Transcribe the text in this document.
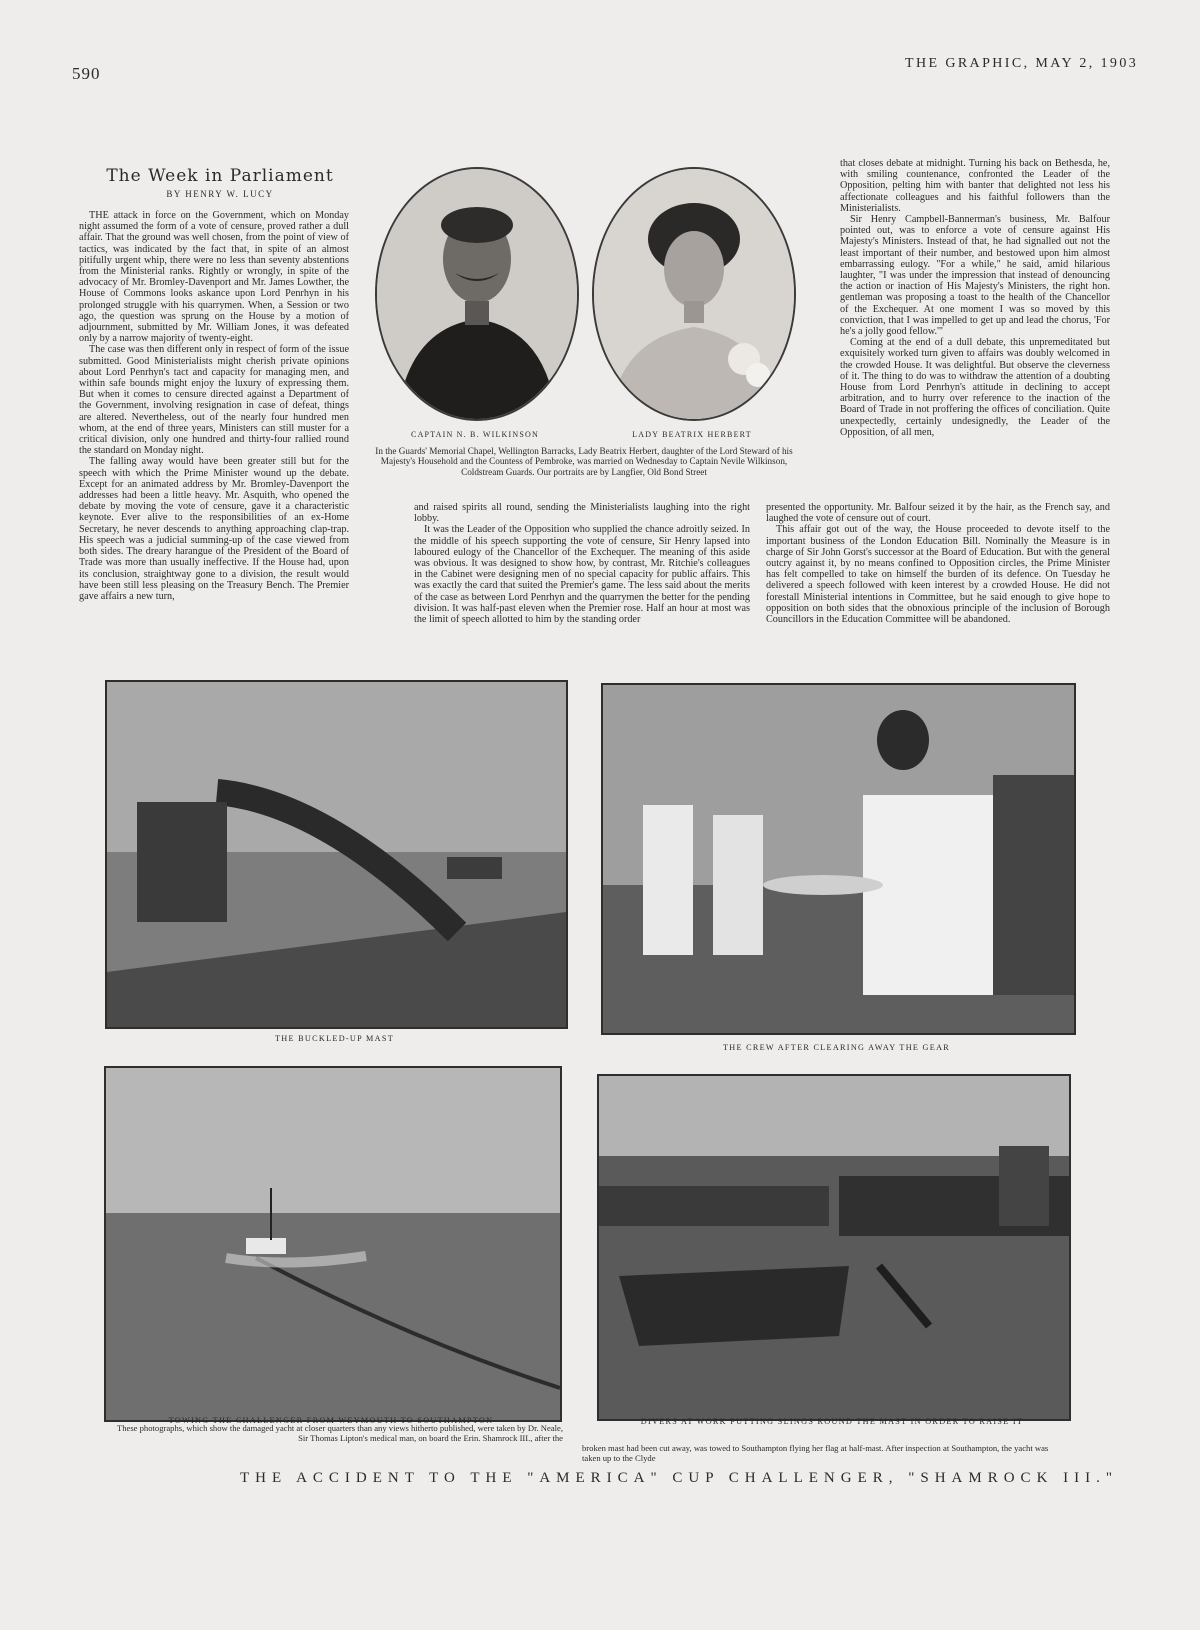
590
THE GRAPHIC, MAY 2, 1903
The Week in Parliament
BY HENRY W. LUCY

THE attack in force on the Government, which on Monday night assumed the form of a vote of censure, proved rather a dull affair. That the ground was well chosen, from the point of view of tactics, was indicated by the fact that, in spite of an almost pitifully urgent whip, there were no less than seventy abstentions from the Ministerial ranks. Rightly or wrongly, in spite of the advocacy of Mr. Bromley-Davenport and Mr. James Lowther, the House of Commons looks askance upon Lord Penrhyn in his prolonged struggle with his quarrymen. When, a Session or two ago, the question was sprung on the House by a motion of adjournment, submitted by Mr. William Jones, it was defeated only by a narrow majority of twenty-eight.

The case was then different only in respect of form of the issue submitted. Good Ministerialists might cherish private opinions about Lord Penrhyn's tact and capacity for managing men, and within safe bounds might enjoy the luxury of expressing them. But when it comes to censure directed against a Department of the Government, involving resignation in case of defeat, things are altered. Nevertheless, out of the nearly four hundred men whom, at the end of three years, Ministers can still muster for a critical division, only one hundred and thirty-four rallied round the standard on Monday night.

The falling away would have been greater still but for the speech with which the Prime Minister wound up the debate. Except for an animated address by Mr. Bromley-Davenport the addresses had been a little heavy. Mr. Asquith, who opened the debate by moving the vote of censure, gave it a characteristic keynote. Ever alive to the responsibilities of an ex-Home Secretary, he never descends to anything approaching clap-trap. His speech was a judicial summing-up of the case viewed from both sides. The dreary harangue of the President of the Board of Trade was more than usually ineffective. If the House had, upon its conclusion, straightway gone to a division, the result would have been still less pleasing on the Treasury Bench. The Premier gave affairs a new turn,

CAPTAIN N. B. WILKINSON	LADY BEATRIX HERBERT
In the Guards' Memorial Chapel, Wellington Barracks, Lady Beatrix Herbert, daughter of the Lord Steward of his Majesty's Household and the Countess of Pembroke, was married on Wednesday to Captain Nevile Wilkinson, Coldstream Guards. Our portraits are by Langfier, Old Bond Street

and raised spirits all round, sending the Ministerialists laughing into the right lobby.

It was the Leader of the Opposition who supplied the chance adroitly seized. In the middle of his speech supporting the vote of censure, Sir Henry lapsed into laboured eulogy of the Chancellor of the Exchequer. The meaning of this aside was obvious. It was designed to show how, by contrast, Mr. Ritchie's colleagues in the Cabinet were designing men of no special capacity for public affairs. This was exactly the card that suited the Premier's game. The less said about the merits of the case as between Lord Penrhyn and the quarrymen the better for the pending division. It was half-past eleven when the Premier rose. Half an hour at most was the limit of speech allotted to him by the standing order

that closes debate at midnight. Turning his back on Bethesda, he, with smiling countenance, confronted the Leader of the Opposition, pelting him with banter that delighted not less his affectionate colleagues and his faithful followers than the Ministerialists.

Sir Henry Campbell-Bannerman's business, Mr. Balfour pointed out, was to enforce a vote of censure against His Majesty's Ministers. Instead of that, he had signalled out not the least important of their number, and bestowed upon him almost embarrassing eulogy. "For a while," he said, amid hilarious laughter, "I was under the impression that instead of denouncing the action or inaction of His Majesty's Ministers, the right hon. gentleman was proposing a toast to the health of the Chancellor of the Exchequer. At one moment I was so moved by this conviction, that I was impelled to get up and lead the chorus, 'For he's a jolly good fellow.'"

Coming at the end of a dull debate, this unpremeditated but exquisitely worked turn given to affairs was doubly welcomed in the crowded House. It was delightful. But observe the cleverness of it. The thing to do was to withdraw the attention of a doubting House from Lord Penrhyn's attitude in declining to accept arbitration, and to hurry over reference to the inaction of the Board of Trade in not proffering the offices of conciliation. Quite unexpectedly, certainly undesignedly, the Leader of the Opposition, of all men,

presented the opportunity. Mr. Balfour seized it by the hair, as the French say, and laughed the vote of censure out of court.

This affair got out of the way, the House proceeded to devote itself to the important business of the London Education Bill. Nominally the Measure is in charge of Sir John Gorst's successor at the Board of Education. But with the general outcry against it, by no means confined to Opposition circles, the Prime Minister has felt compelled to take on himself the burden of its defence. On Tuesday he delivered a speech followed with keen interest by a crowded House. He did not forestall Ministerial intentions in Committee, but he said enough to give hope to opposition on both sides that the obnoxious principle of the inclusion of Borough Councillors in the Education Committee will be abandoned.

THE BUCKLED-UP MAST
THE CREW AFTER CLEARING AWAY THE GEAR
TOWING THE CHALLENGER FROM WEYMOUTH TO SOUTHAMPTON	DIVERS AT WORK PUTTING SLINGS ROUND THE MAST IN ORDER TO RAISE IT
These photographs, which show the damaged yacht at closer quarters than any views hitherto published, were taken by Dr. Neale, Sir Thomas Lipton's medical man, on board the Erin. Shamrock III., after the
broken mast had been cut away, was towed to Southampton flying her flag at half-mast. After inspection at Southampton, the yacht was taken up to the Clyde
THE ACCIDENT TO THE "AMERICA" CUP CHALLENGER, "SHAMROCK III."
